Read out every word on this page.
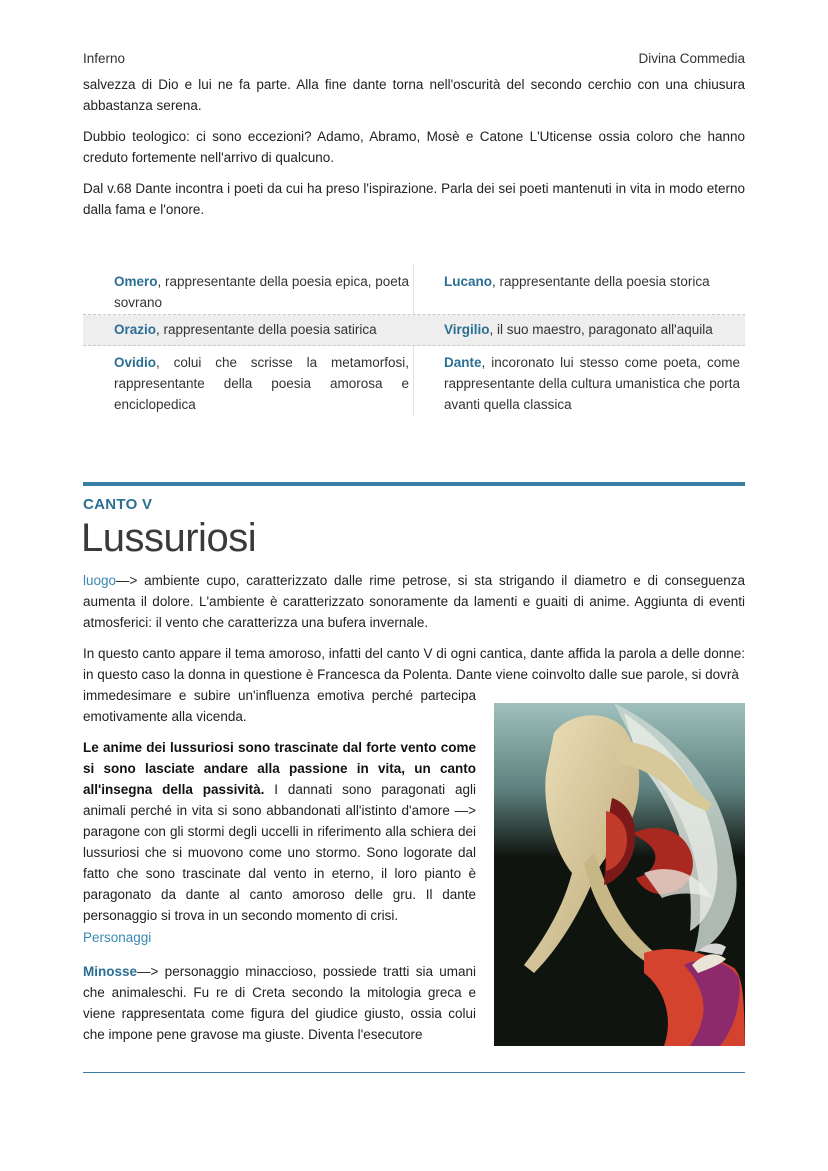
Inferno	Divina Commedia

salvezza di Dio e lui ne fa parte. Alla fine dante torna nell'oscurità del secondo cerchio con una chiusura abbastanza serena.

Dubbio teologico: ci sono eccezioni? Adamo, Abramo, Mosè e Catone L'Uticense ossia coloro che hanno creduto fortemente nell'arrivo di qualcuno.

Dal v.68 Dante incontra i poeti da cui ha preso l'ispirazione. Parla dei sei poeti mantenuti in vita in modo eterno dalla fama e l'onore.

Omero, rappresentante della poesia epica, poeta sovrano
Lucano, rappresentante della poesia storica
Orazio, rappresentante della poesia satirica	Virgilio, il suo maestro, paragonato all'aquila
Ovidio, colui che scrisse la metamorfosi, rappresentante della poesia amorosa e enciclopedica
Dante, incoronato lui stesso come poeta, come rappresentante della cultura umanistica che porta avanti quella classica
CANTO V
Lussuriosi

luogo—> ambiente cupo, caratterizzato dalle rime petrose, si sta strigando il diametro e di conseguenza aumenta il dolore. L'ambiente è caratterizzato sonoramente da lamenti e guaiti di anime. Aggiunta di eventi atmosferici: il vento che caratterizza una bufera invernale.

In questo canto appare il tema amoroso, infatti del canto V di ogni cantica, dante affida la parola a delle donne: in questo caso la donna in questione è Francesca da Polenta. Dante viene coinvolto dalle sue parole, si dovrà

immedesimare e subire un'influenza emotiva perché partecipa emotivamente alla vicenda.

Le anime dei lussuriosi sono trascinate dal forte vento come si sono lasciate andare alla passione in vita, un canto all'insegna della passività. I dannati sono paragonati agli animali perché in vita si sono abbandonati all'istinto d'amore —> paragone con gli stormi degli uccelli in riferimento alla schiera dei lussuriosi che si muovono come uno stormo. Sono logorate dal fatto che sono trascinate dal vento in eterno, il loro pianto è paragonato da dante al canto amoroso delle gru. Il dante personaggio si trova in un secondo momento di crisi.

Personaggi

Minosse—> personaggio minaccioso, possiede tratti sia umani che animaleschi. Fu re di Creta secondo la mitologia greca e viene rappresentata come figura del giudice giusto, ossia colui che impone pene gravose ma giuste. Diventa l'esecutore
